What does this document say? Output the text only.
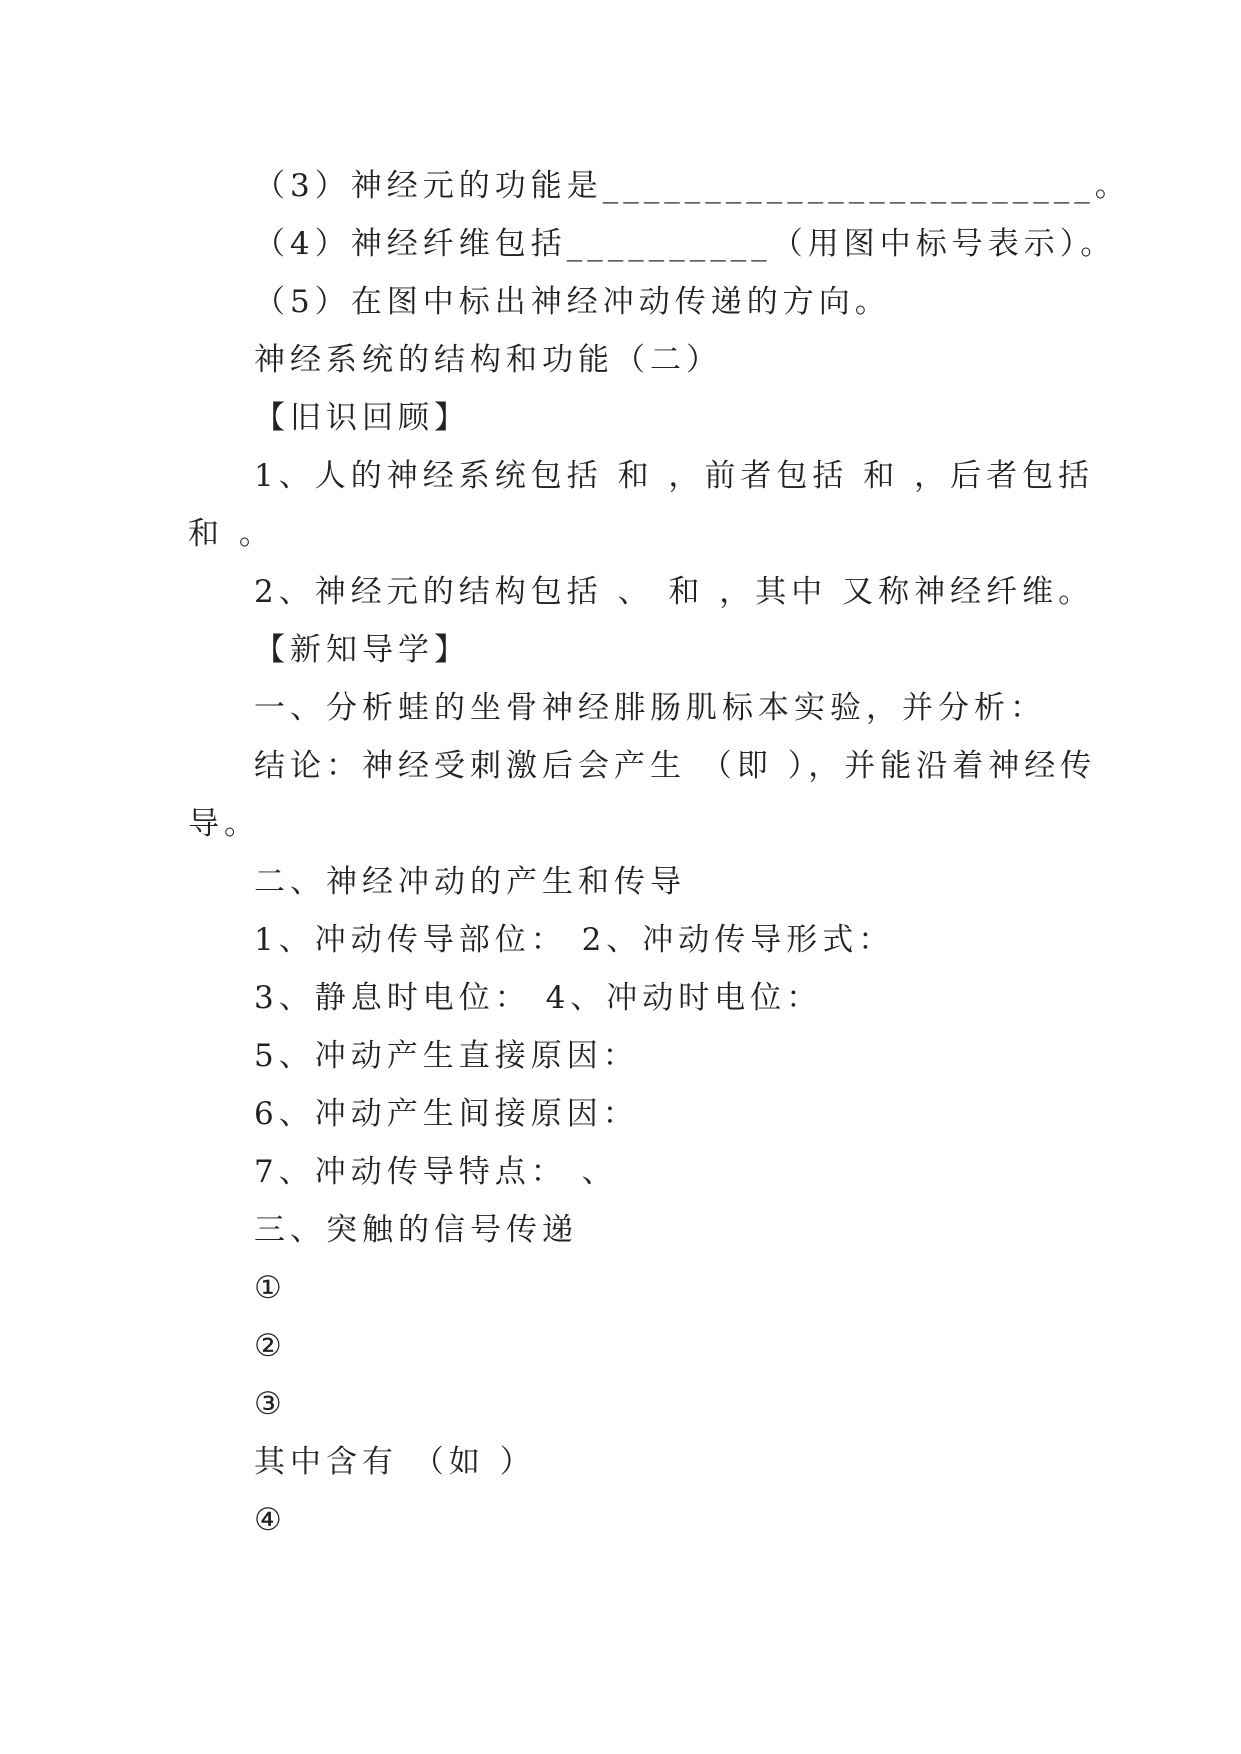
（3）神经元的功能是________________________。
（4）神经纤维包括__________（用图中标号表示）。
（5）在图中标出神经冲动传递的方向。
神经系统的结构和功能（二）
【旧识回顾】
1、人的神经系统包括 和 ，前者包括 和 ，后者包括
和 。
2、神经元的结构包括 、 和 ，其中 又称神经纤维。
【新知导学】
一、分析蛙的坐骨神经腓肠肌标本实验，并分析：
结论：神经受刺激后会产生 （即 ），并能沿着神经传
导。
二、神经冲动的产生和传导
1、冲动传导部位： 2、冲动传导形式：
3、静息时电位： 4、冲动时电位：
5、冲动产生直接原因：
6、冲动产生间接原因：
7、冲动传导特点： 、
三、突触的信号传递
①
②
③
其中含有 （如 ）
④
